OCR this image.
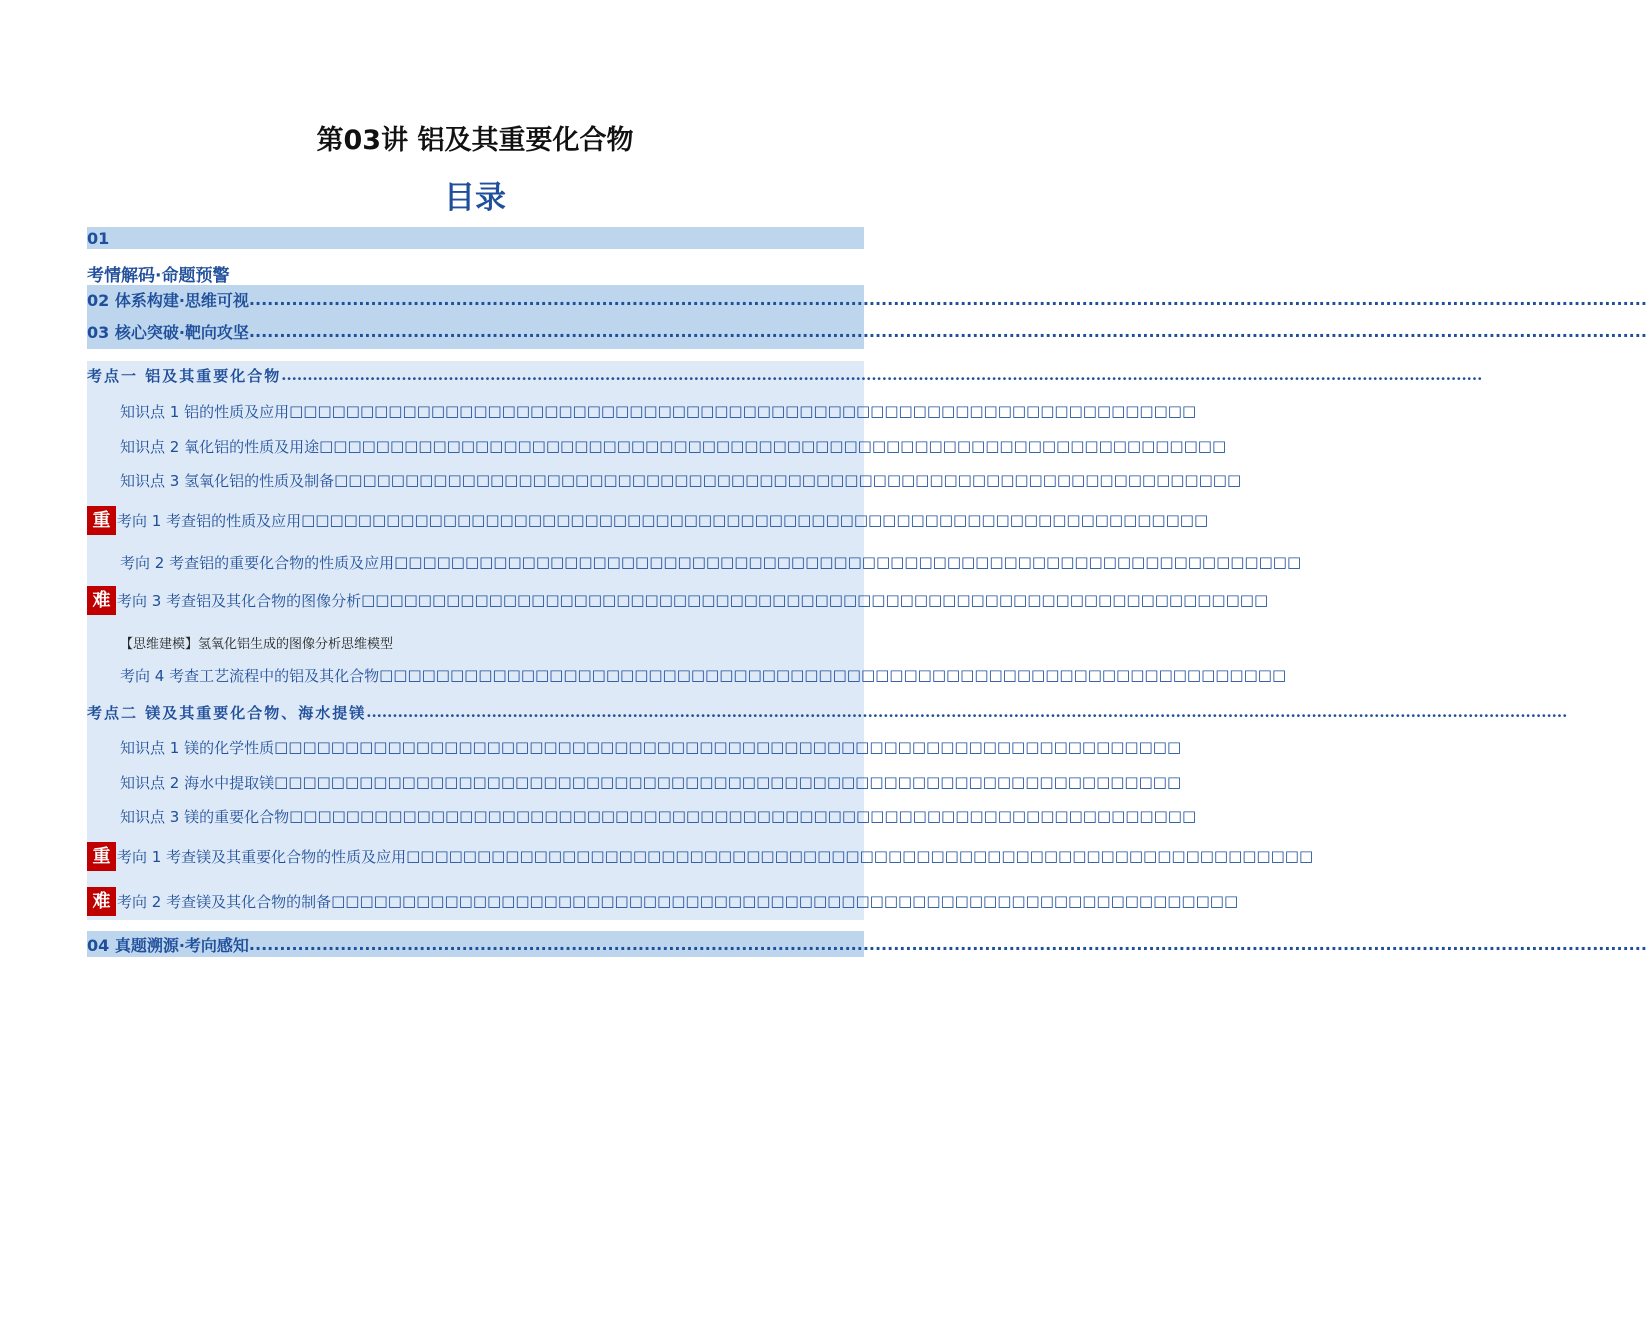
第03讲 铝及其重要化合物
目录
01
考情解码·命题预警
02 体系构建·思维可视 ......................................................................................................................................................................................................................................
03 核心突破·靶向攻坚 ......................................................................................................................................................................................................................................
考点一 铝及其重要化合物 ......................................................................................................................................................................................................................................
知识点 1 铝的性质及应用 □□□□□□□□□□□□□□□□□□□□□□□□□□□□□□□□□□□□□□□□□□□□□□□□□□□□□□□□□□□□□□□□
知识点 2 氧化铝的性质及用途 □□□□□□□□□□□□□□□□□□□□□□□□□□□□□□□□□□□□□□□□□□□□□□□□□□□□□□□□□□□□□□□□
知识点 3 氢氧化铝的性质及制备 □□□□□□□□□□□□□□□□□□□□□□□□□□□□□□□□□□□□□□□□□□□□□□□□□□□□□□□□□□□□□□□□
重 考向 1 考查铝的性质及应用 □□□□□□□□□□□□□□□□□□□□□□□□□□□□□□□□□□□□□□□□□□□□□□□□□□□□□□□□□□□□□□□□
考向 2 考查铝的重要化合物的性质及应用 □□□□□□□□□□□□□□□□□□□□□□□□□□□□□□□□□□□□□□□□□□□□□□□□□□□□□□□□□□□□□□□□
难 考向 3 考查铝及其化合物的图像分析 □□□□□□□□□□□□□□□□□□□□□□□□□□□□□□□□□□□□□□□□□□□□□□□□□□□□□□□□□□□□□□□□
【思维建模】氢氧化铝生成的图像分析思维模型
考向 4 考查工艺流程中的铝及其化合物 □□□□□□□□□□□□□□□□□□□□□□□□□□□□□□□□□□□□□□□□□□□□□□□□□□□□□□□□□□□□□□□□
考点二 镁及其重要化合物、海水提镁 ......................................................................................................................................................................................................................................
知识点 1 镁的化学性质 □□□□□□□□□□□□□□□□□□□□□□□□□□□□□□□□□□□□□□□□□□□□□□□□□□□□□□□□□□□□□□□□
知识点 2 海水中提取镁 □□□□□□□□□□□□□□□□□□□□□□□□□□□□□□□□□□□□□□□□□□□□□□□□□□□□□□□□□□□□□□□□
知识点 3 镁的重要化合物 □□□□□□□□□□□□□□□□□□□□□□□□□□□□□□□□□□□□□□□□□□□□□□□□□□□□□□□□□□□□□□□□
重 考向 1 考查镁及其重要化合物的性质及应用 □□□□□□□□□□□□□□□□□□□□□□□□□□□□□□□□□□□□□□□□□□□□□□□□□□□□□□□□□□□□□□□□
难 考向 2 考查镁及其化合物的制备 □□□□□□□□□□□□□□□□□□□□□□□□□□□□□□□□□□□□□□□□□□□□□□□□□□□□□□□□□□□□□□□□
04 真题溯源·考向感知 ......................................................................................................................................................................................................................................
